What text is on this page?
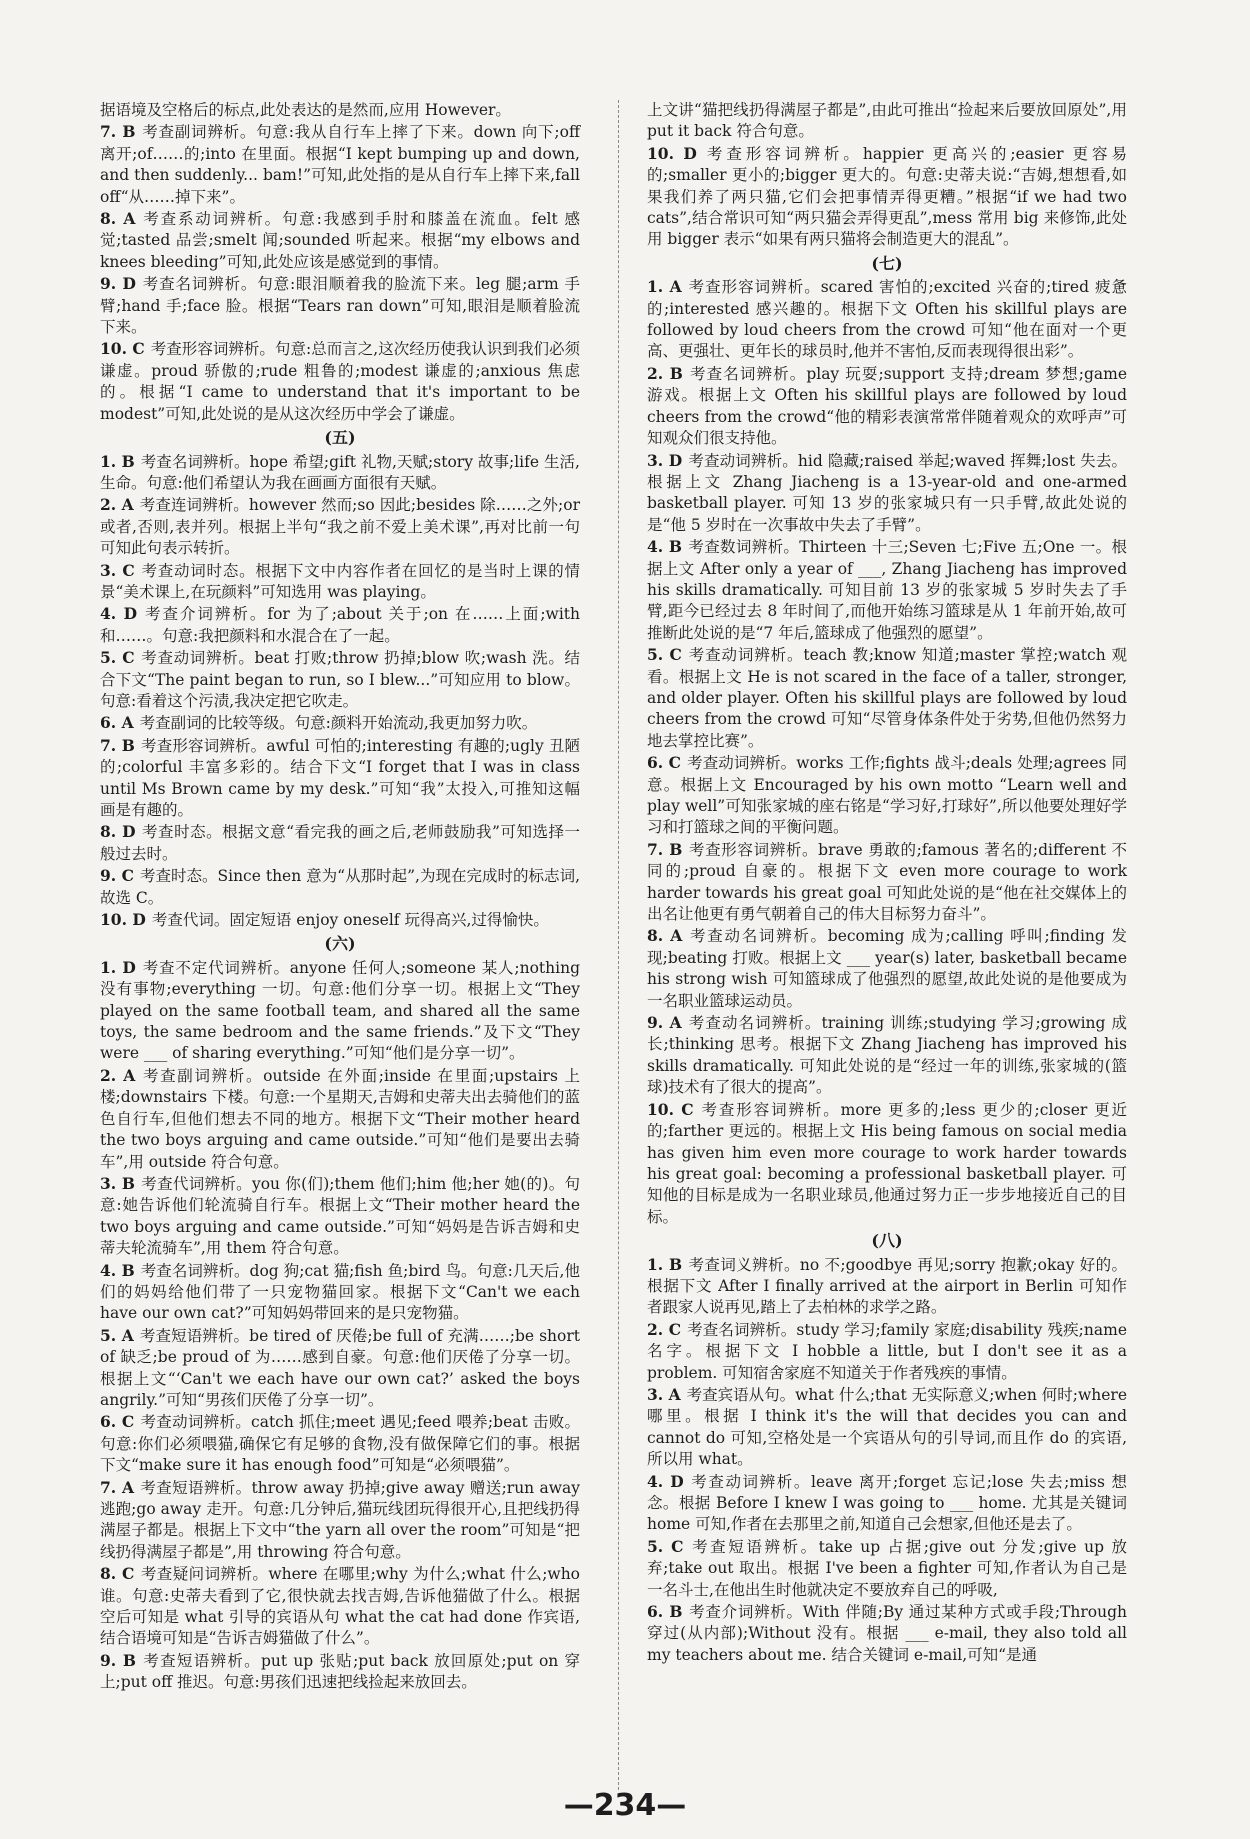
据语境及空格后的标点,此处表达的是然而,应用 However。

7. B 考查副词辨析。句意:我从自行车上摔了下来。down 向下;off 离开;of……的;into 在里面。根据“I kept bumping up and down, and then suddenly... bam!”可知,此处指的是从自行车上摔下来,fall off“从……掉下来”。

8. A 考查系动词辨析。句意:我感到手肘和膝盖在流血。felt 感觉;tasted 品尝;smelt 闻;sounded 听起来。根据“my elbows and knees bleeding”可知,此处应该是感觉到的事情。

9. D 考查名词辨析。句意:眼泪顺着我的脸流下来。leg 腿;arm 手臂;hand 手;face 脸。根据“Tears ran down”可知,眼泪是顺着脸流下来。

10. C 考查形容词辨析。句意:总而言之,这次经历使我认识到我们必须谦虚。proud 骄傲的;rude 粗鲁的;modest 谦虚的;anxious 焦虑的。根据“I came to understand that it's important to be modest”可知,此处说的是从这次经历中学会了谦虚。

(五)

1. B 考查名词辨析。hope 希望;gift 礼物,天赋;story 故事;life 生活,生命。句意:他们希望认为我在画画方面很有天赋。

2. A 考查连词辨析。however 然而;so 因此;besides 除……之外;or 或者,否则,表并列。根据上半句“我之前不爱上美术课”,再对比前一句可知此句表示转折。

3. C 考查动词时态。根据下文中内容作者在回忆的是当时上课的情景“美术课上,在玩颜料”可知选用 was playing。

4. D 考查介词辨析。for 为了;about 关于;on 在……上面;with 和……。句意:我把颜料和水混合在了一起。

5. C 考查动词辨析。beat 打败;throw 扔掉;blow 吹;wash 洗。结合下文“The paint began to run, so I blew...”可知应用 to blow。句意:看着这个污渍,我决定把它吹走。

6. A 考查副词的比较等级。句意:颜料开始流动,我更加努力吹。

7. B 考查形容词辨析。awful 可怕的;interesting 有趣的;ugly 丑陋的;colorful 丰富多彩的。结合下文“I forget that I was in class until Ms Brown came by my desk.”可知“我”太投入,可推知这幅画是有趣的。

8. D 考查时态。根据文意“看完我的画之后,老师鼓励我”可知选择一般过去时。

9. C 考查时态。Since then 意为“从那时起”,为现在完成时的标志词,故选 C。

10. D 考查代词。固定短语 enjoy oneself 玩得高兴,过得愉快。

(六)

1. D 考查不定代词辨析。anyone 任何人;someone 某人;nothing 没有事物;everything 一切。句意:他们分享一切。根据上文“They played on the same football team, and shared all the same toys, the same bedroom and the same friends.”及下文“They were ___ of sharing everything.”可知“他们是分享一切”。

2. A 考查副词辨析。outside 在外面;inside 在里面;upstairs 上楼;downstairs 下楼。句意:一个星期天,吉姆和史蒂夫出去骑他们的蓝色自行车,但他们想去不同的地方。根据下文“Their mother heard the two boys arguing and came outside.”可知“他们是要出去骑车”,用 outside 符合句意。

3. B 考查代词辨析。you 你(们);them 他们;him 他;her 她(的)。句意:她告诉他们轮流骑自行车。根据上文“Their mother heard the two boys arguing and came outside.”可知“妈妈是告诉吉姆和史蒂夫轮流骑车”,用 them 符合句意。

4. B 考查名词辨析。dog 狗;cat 猫;fish 鱼;bird 鸟。句意:几天后,他们的妈妈给他们带了一只宠物猫回家。根据下文“Can't we each have our own cat?”可知妈妈带回来的是只宠物猫。

5. A 考查短语辨析。be tired of 厌倦;be full of 充满……;be short of 缺乏;be proud of 为……感到自豪。句意:他们厌倦了分享一切。根据上文“‘Can't we each have our own cat?’ asked the boys angrily.”可知“男孩们厌倦了分享一切”。

6. C 考查动词辨析。catch 抓住;meet 遇见;feed 喂养;beat 击败。句意:你们必须喂猫,确保它有足够的食物,没有做保障它们的事。根据下文“make sure it has enough food”可知是“必须喂猫”。

7. A 考查短语辨析。throw away 扔掉;give away 赠送;run away 逃跑;go away 走开。句意:几分钟后,猫玩线团玩得很开心,且把线扔得满屋子都是。根据上下文中“the yarn all over the room”可知是“把线扔得满屋子都是”,用 throwing 符合句意。

8. C 考查疑问词辨析。where 在哪里;why 为什么;what 什么;who 谁。句意:史蒂夫看到了它,很快就去找吉姆,告诉他猫做了什么。根据空后可知是 what 引导的宾语从句 what the cat had done 作宾语,结合语境可知是“告诉吉姆猫做了什么”。

9. B 考查短语辨析。put up 张贴;put back 放回原处;put on 穿上;put off 推迟。句意:男孩们迅速把线捡起来放回去。

上文讲“猫把线扔得满屋子都是”,由此可推出“捡起来后要放回原处”,用 put it back 符合句意。

10. D 考查形容词辨析。happier 更高兴的;easier 更容易的;smaller 更小的;bigger 更大的。句意:史蒂夫说:“吉姆,想想看,如果我们养了两只猫,它们会把事情弄得更糟。”根据“if we had two cats”,结合常识可知“两只猫会弄得更乱”,mess 常用 big 来修饰,此处用 bigger 表示“如果有两只猫将会制造更大的混乱”。

(七)

1. A 考查形容词辨析。scared 害怕的;excited 兴奋的;tired 疲惫的;interested 感兴趣的。根据下文 Often his skillful plays are followed by loud cheers from the crowd 可知“他在面对一个更高、更强壮、更年长的球员时,他并不害怕,反而表现得很出彩”。

2. B 考查名词辨析。play 玩耍;support 支持;dream 梦想;game 游戏。根据上文 Often his skillful plays are followed by loud cheers from the crowd“他的精彩表演常常伴随着观众的欢呼声”可知观众们很支持他。

3. D 考查动词辨析。hid 隐藏;raised 举起;waved 挥舞;lost 失去。根据上文 Zhang Jiacheng is a 13-year-old and one-armed basketball player. 可知 13 岁的张家城只有一只手臂,故此处说的是“他 5 岁时在一次事故中失去了手臂”。

4. B 考查数词辨析。Thirteen 十三;Seven 七;Five 五;One 一。根据上文 After only a year of ___, Zhang Jiacheng has improved his skills dramatically. 可知目前 13 岁的张家城 5 岁时失去了手臂,距今已经过去 8 年时间了,而他开始练习篮球是从 1 年前开始,故可推断此处说的是“7 年后,篮球成了他强烈的愿望”。

5. C 考查动词辨析。teach 教;know 知道;master 掌控;watch 观看。根据上文 He is not scared in the face of a taller, stronger, and older player. Often his skillful plays are followed by loud cheers from the crowd 可知“尽管身体条件处于劣势,但他仍然努力地去掌控比赛”。

6. C 考查动词辨析。works 工作;fights 战斗;deals 处理;agrees 同意。根据上文 Encouraged by his own motto “Learn well and play well”可知张家城的座右铭是“学习好,打球好”,所以他要处理好学习和打篮球之间的平衡问题。

7. B 考查形容词辨析。brave 勇敢的;famous 著名的;different 不同的;proud 自豪的。根据下文 even more courage to work harder towards his great goal 可知此处说的是“他在社交媒体上的出名让他更有勇气朝着自己的伟大目标努力奋斗”。

8. A 考查动名词辨析。becoming 成为;calling 呼叫;finding 发现;beating 打败。根据上文 ___ year(s) later, basketball became his strong wish 可知篮球成了他强烈的愿望,故此处说的是他要成为一名职业篮球运动员。

9. A 考查动名词辨析。training 训练;studying 学习;growing 成长;thinking 思考。根据下文 Zhang Jiacheng has improved his skills dramatically. 可知此处说的是“经过一年的训练,张家城的(篮球)技术有了很大的提高”。

10. C 考查形容词辨析。more 更多的;less 更少的;closer 更近的;farther 更远的。根据上文 His being famous on social media has given him even more courage to work harder towards his great goal: becoming a professional basketball player. 可知他的目标是成为一名职业球员,他通过努力正一步步地接近自己的目标。

(八)

1. B 考查词义辨析。no 不;goodbye 再见;sorry 抱歉;okay 好的。根据下文 After I finally arrived at the airport in Berlin 可知作者跟家人说再见,踏上了去柏林的求学之路。

2. C 考查名词辨析。study 学习;family 家庭;disability 残疾;name 名字。根据下文 I hobble a little, but I don't see it as a problem. 可知宿舍家庭不知道关于作者残疾的事情。

3. A 考查宾语从句。what 什么;that 无实际意义;when 何时;where 哪里。根据 I think it's the will that decides you can and cannot do 可知,空格处是一个宾语从句的引导词,而且作 do 的宾语,所以用 what。

4. D 考查动词辨析。leave 离开;forget 忘记;lose 失去;miss 想念。根据 Before I knew I was going to ___ home. 尤其是关键词 home 可知,作者在去那里之前,知道自己会想家,但他还是去了。

5. C 考查短语辨析。take up 占据;give out 分发;give up 放弃;take out 取出。根据 I've been a fighter 可知,作者认为自己是一名斗士,在他出生时他就决定不要放弃自己的呼吸,

6. B 考查介词辨析。With 伴随;By 通过某种方式或手段;Through 穿过(从内部);Without 没有。根据 ___ e-mail, they also told all my teachers about me. 结合关键词 e-mail,可知“是通

—234—
